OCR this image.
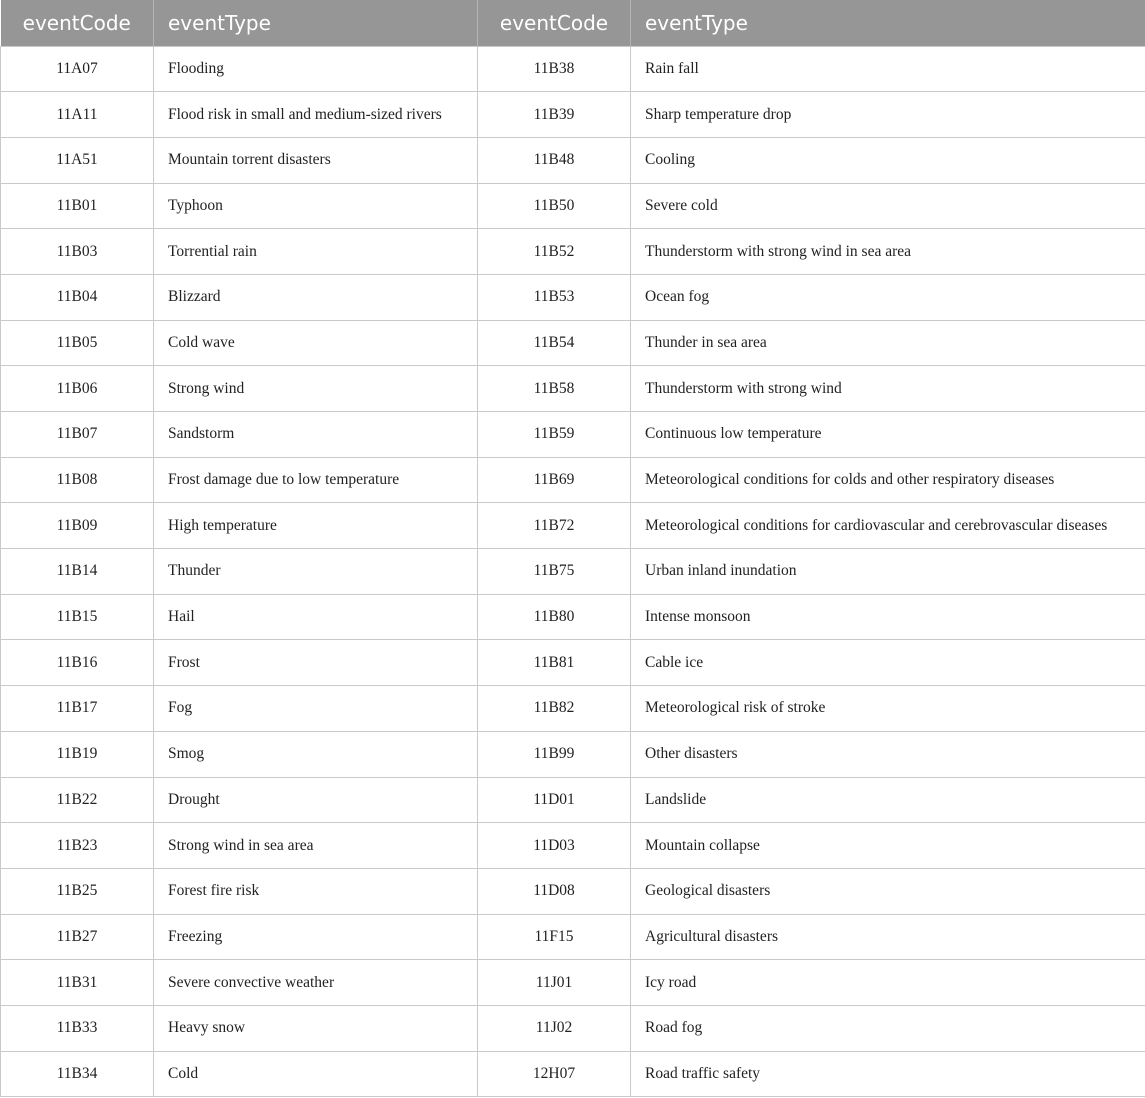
eventCode	eventType	eventCode	eventType
11A07	Flooding	11B38	Rain fall
11A11	Flood risk in small and medium-sized rivers	11B39	Sharp temperature drop
11A51	Mountain torrent disasters	11B48	Cooling
11B01	Typhoon	11B50	Severe cold
11B03	Torrential rain	11B52	Thunderstorm with strong wind in sea area
11B04	Blizzard	11B53	Ocean fog
11B05	Cold wave	11B54	Thunder in sea area
11B06	Strong wind	11B58	Thunderstorm with strong wind
11B07	Sandstorm	11B59	Continuous low temperature
11B08	Frost damage due to low temperature	11B69	Meteorological conditions for colds and other respiratory diseases
11B09	High temperature	11B72	Meteorological conditions for cardiovascular and cerebrovascular diseases
11B14	Thunder	11B75	Urban inland inundation
11B15	Hail	11B80	Intense monsoon
11B16	Frost	11B81	Cable ice
11B17	Fog	11B82	Meteorological risk of stroke
11B19	Smog	11B99	Other disasters
11B22	Drought	11D01	Landslide
11B23	Strong wind in sea area	11D03	Mountain collapse
11B25	Forest fire risk	11D08	Geological disasters
11B27	Freezing	11F15	Agricultural disasters
11B31	Severe convective weather	11J01	Icy road
11B33	Heavy snow	11J02	Road fog
11B34	Cold	12H07	Road traffic safety
